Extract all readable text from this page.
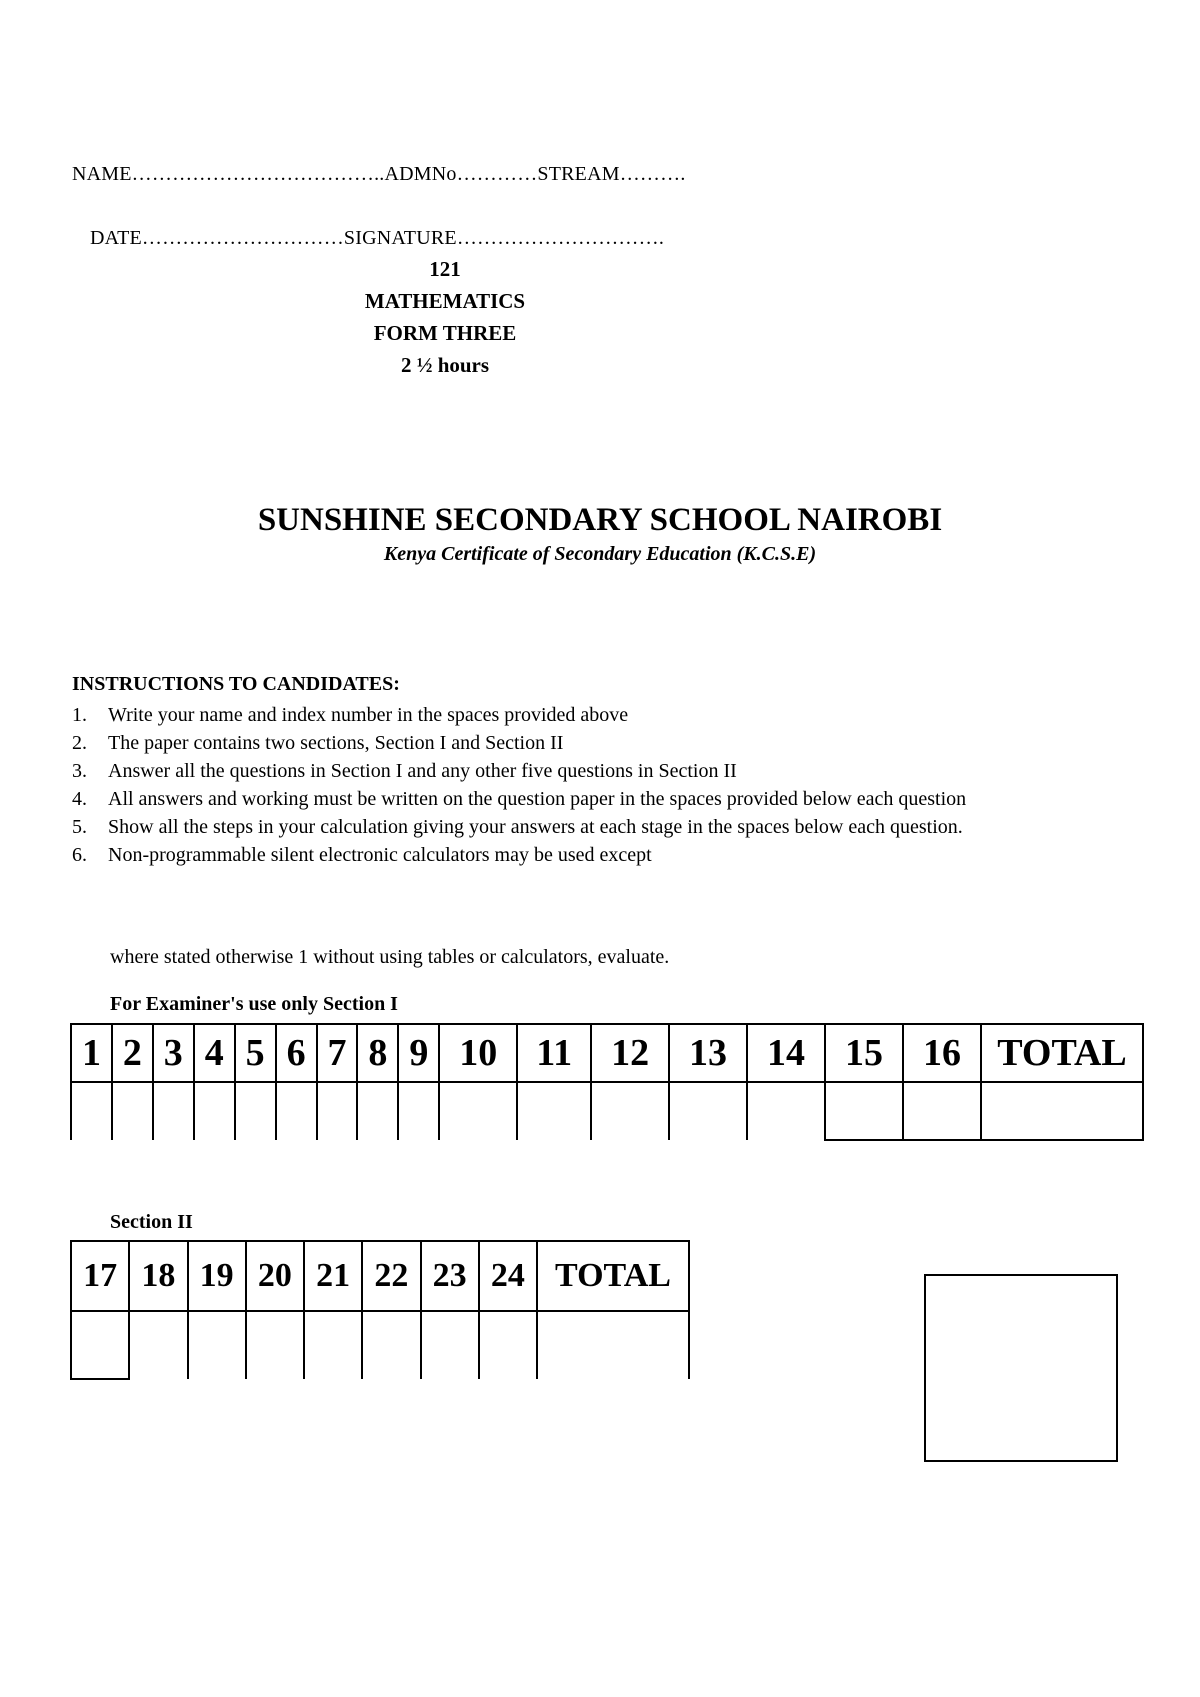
NAME………………………………..ADMNo…………STREAM……….
DATE…………………………SIGNATURE………………………….
121
MATHEMATICS
FORM THREE
2 ½ hours
SUNSHINE SECONDARY SCHOOL NAIROBI
Kenya Certificate of Secondary Education (K.C.S.E)
INSTRUCTIONS TO CANDIDATES:
1. Write your name and index number in the spaces provided above
2. The paper contains two sections, Section I and Section II
3. Answer all the questions in Section I and any other five questions in Section II
4. All answers and working must be written on the question paper in the spaces provided below each question
5. Show all the steps in your calculation giving your answers at each stage in the spaces below each question.
6. Non-programmable silent electronic calculators may be used except
where stated otherwise 1 without using tables or calculators, evaluate.
For Examiner's use only Section I
1	2	3	4	5	6	7	8	9	10	11	12	13	14	15	16	TOTAL

Section II
17	18	19	20	21	22	23	24	TOTAL
